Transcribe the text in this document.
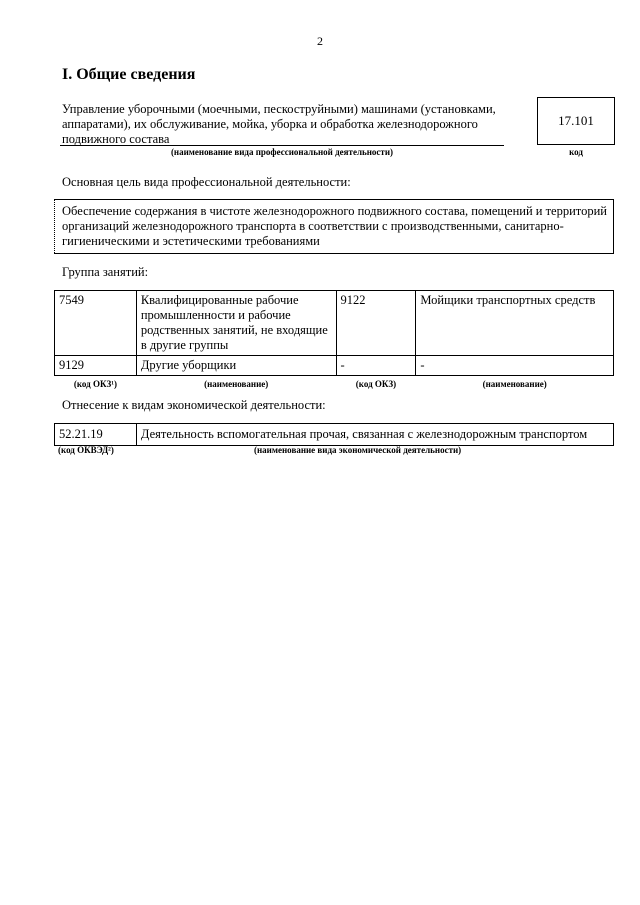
2
I. Общие сведения
Управление уборочными (моечными, пескоструйными) машинами (установками, аппаратами), их обслуживание, мойка, уборка и обработка железнодорожного подвижного состава
(наименование вида профессиональной деятельности)
17.101
код
Основная цель вида профессиональной деятельности:
Обеспечение содержания в чистоте железнодорожного подвижного состава, помещений и территорий организаций железнодорожного транспорта в соответствии с производственными, санитарно-гигиеническими и эстетическими требованиями
Группа занятий:
7549	Квалифицированные рабочие промышленности и рабочие родственных занятий, не входящие в другие группы	9122	Мойщики транспортных средств
9129	Другие уборщики	-	-
(код ОКЗ¹)	(наименование)	(код ОКЗ)	(наименование)
Отнесение к видам экономической деятельности:
52.21.19	Деятельность вспомогательная прочая, связанная с железнодорожным транспортом
(код ОКВЭД²)	(наименование вида экономической деятельности)
